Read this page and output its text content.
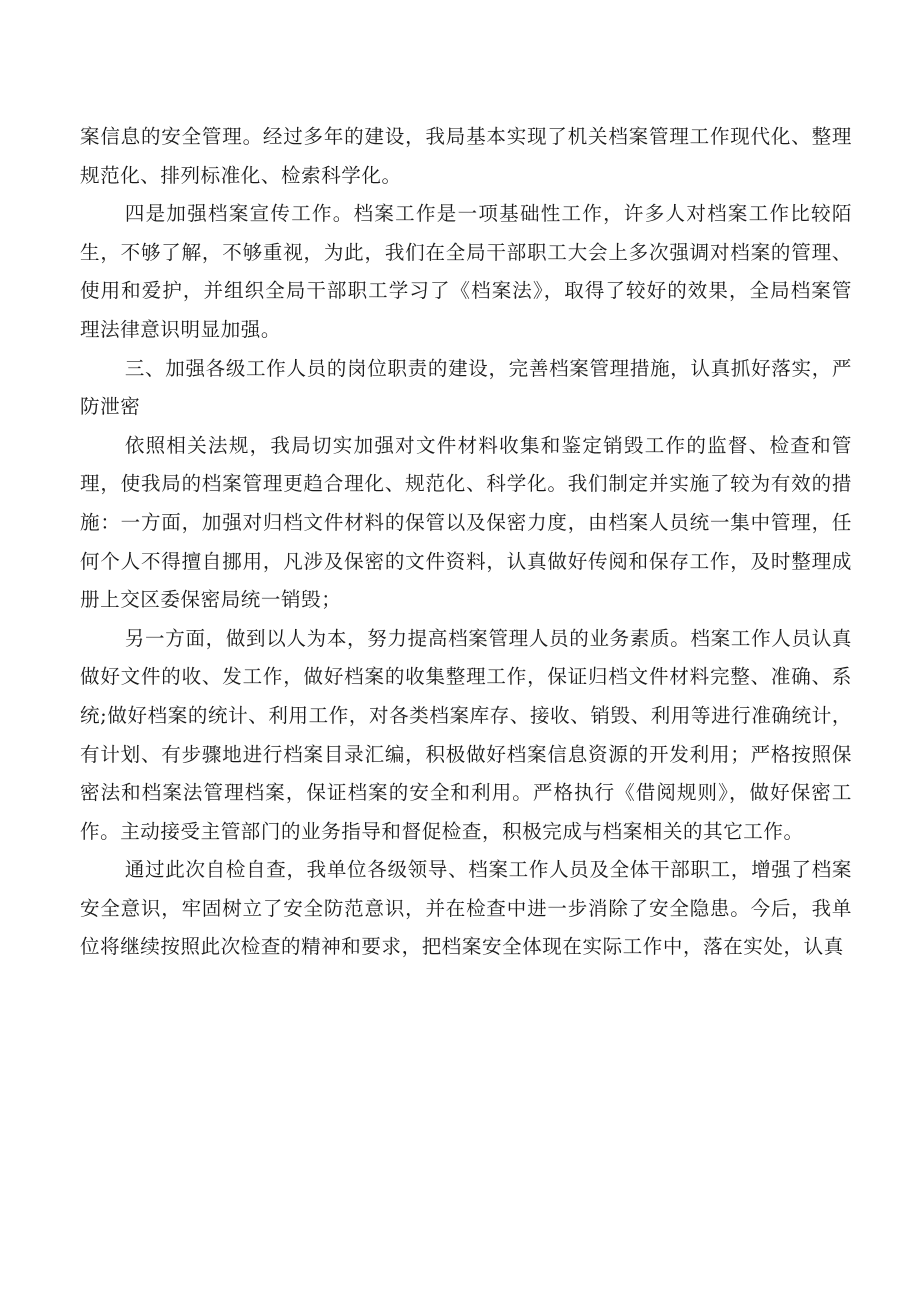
案信息的安全管理。经过多年的建设，我局基本实现了机关档案管理工作现代化、整理规范化、排列标准化、检索科学化。

四是加强档案宣传工作。档案工作是一项基础性工作，许多人对档案工作比较陌生，不够了解，不够重视，为此，我们在全局干部职工大会上多次强调对档案的管理、使用和爱护，并组织全局干部职工学习了《档案法》，取得了较好的效果，全局档案管理法律意识明显加强。

三、加强各级工作人员的岗位职责的建设，完善档案管理措施，认真抓好落实，严防泄密

依照相关法规，我局切实加强对文件材料收集和鉴定销毁工作的监督、检查和管理，使我局的档案管理更趋合理化、规范化、科学化。我们制定并实施了较为有效的措施：一方面，加强对归档文件材料的保管以及保密力度，由档案人员统一集中管理，任何个人不得擅自挪用，凡涉及保密的文件资料，认真做好传阅和保存工作，及时整理成册上交区委保密局统一销毁；

另一方面，做到以人为本，努力提高档案管理人员的业务素质。档案工作人员认真做好文件的收、发工作，做好档案的收集整理工作，保证归档文件材料完整、准确、系统;做好档案的统计、利用工作，对各类档案库存、接收、销毁、利用等进行准确统计，有计划、有步骤地进行档案目录汇编，积极做好档案信息资源的开发利用；严格按照保密法和档案法管理档案，保证档案的安全和利用。严格执行《借阅规则》，做好保密工作。主动接受主管部门的业务指导和督促检查，积极完成与档案相关的其它工作。

通过此次自检自查，我单位各级领导、档案工作人员及全体干部职工，增强了档案安全意识，牢固树立了安全防范意识，并在检查中进一步消除了安全隐患。今后，我单位将继续按照此次检查的精神和要求，把档案安全体现在实际工作中，落在实处，认真
